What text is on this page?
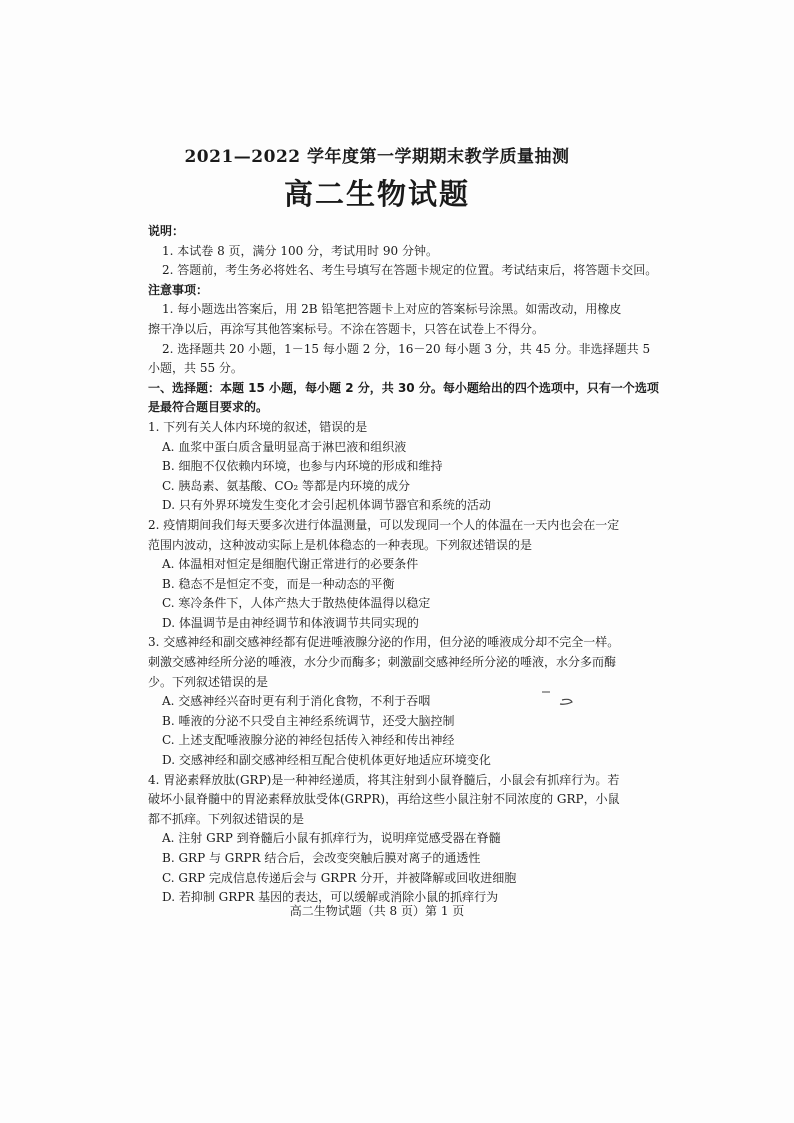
2021—2022 学年度第一学期期末教学质量抽测
高二生物试题
说明：
1. 本试卷 8 页，满分 100 分，考试用时 90 分钟。
2. 答题前，考生务必将姓名、考生号填写在答题卡规定的位置。考试结束后，将答题卡交回。
注意事项：
1. 每小题选出答案后，用 2B 铅笔把答题卡上对应的答案标号涂黑。如需改动，用橡皮
擦干净以后，再涂写其他答案标号。不涂在答题卡，只答在试卷上不得分。
2. 选择题共 20 小题，1－15 每小题 2 分，16－20 每小题 3 分，共 45 分。非选择题共 5
小题，共 55 分。
一、选择题：本题 15 小题，每小题 2 分，共 30 分。每小题给出的四个选项中，只有一个选项
是最符合题目要求的。
1. 下列有关人体内环境的叙述，错误的是
A. 血浆中蛋白质含量明显高于淋巴液和组织液
B. 细胞不仅依赖内环境，也参与内环境的形成和维持
C. 胰岛素、氨基酸、CO₂ 等都是内环境的成分
D. 只有外界环境发生变化才会引起机体调节器官和系统的活动
2. 疫情期间我们每天要多次进行体温测量，可以发现同一个人的体温在一天内也会在一定
范围内波动，这种波动实际上是机体稳态的一种表现。下列叙述错误的是
A. 体温相对恒定是细胞代谢正常进行的必要条件
B. 稳态不是恒定不变，而是一种动态的平衡
C. 寒冷条件下，人体产热大于散热使体温得以稳定
D. 体温调节是由神经调节和体液调节共同实现的
3. 交感神经和副交感神经都有促进唾液腺分泌的作用，但分泌的唾液成分却不完全一样。
刺激交感神经所分泌的唾液，水分少而酶多；刺激副交感神经所分泌的唾液，水分多而酶
少。下列叙述错误的是
A. 交感神经兴奋时更有利于消化食物，不利于吞咽
B. 唾液的分泌不只受自主神经系统调节，还受大脑控制
C. 上述支配唾液腺分泌的神经包括传入神经和传出神经
D. 交感神经和副交感神经相互配合使机体更好地适应环境变化
4. 胃泌素释放肽(GRP)是一种神经递质，将其注射到小鼠脊髓后，小鼠会有抓痒行为。若
破坏小鼠脊髓中的胃泌素释放肽受体(GRPR)，再给这些小鼠注射不同浓度的 GRP，小鼠
都不抓痒。下列叙述错误的是
A. 注射 GRP 到脊髓后小鼠有抓痒行为，说明痒觉感受器在脊髓
B. GRP 与 GRPR 结合后，会改变突触后膜对离子的通透性
C. GRP 完成信息传递后会与 GRPR 分开，并被降解或回收进细胞
D. 若抑制 GRPR 基因的表达，可以缓解或消除小鼠的抓痒行为
高二生物试题（共 8 页）第 1 页
